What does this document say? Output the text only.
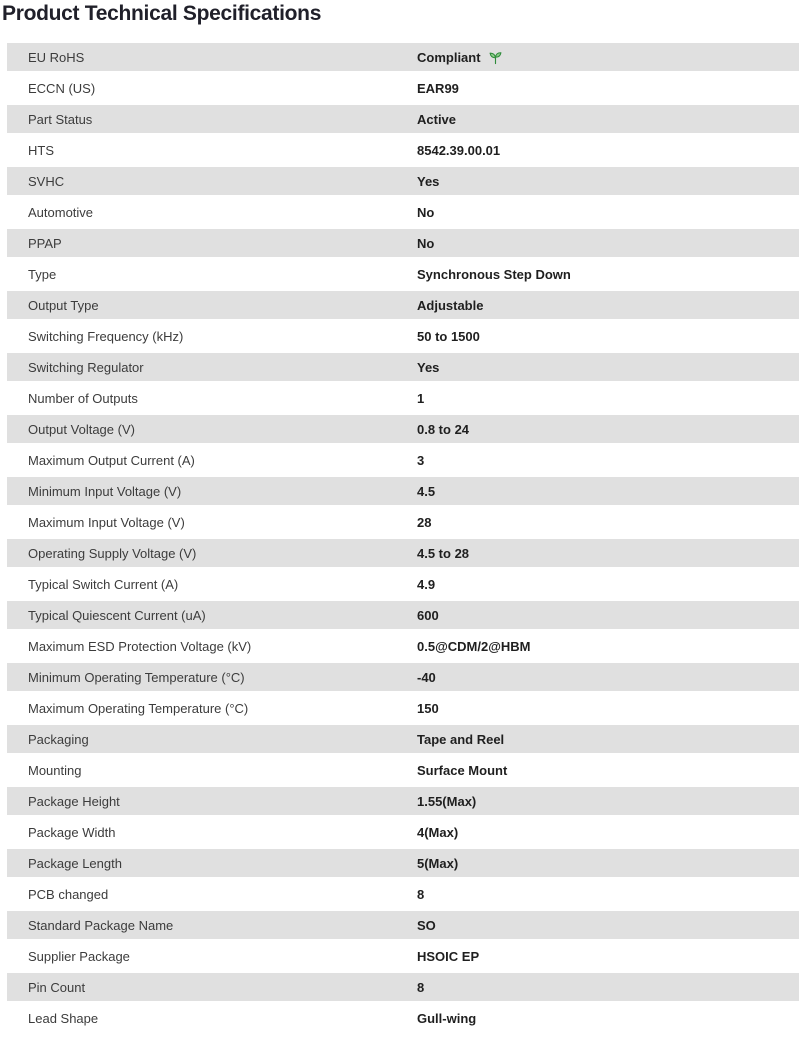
Product Technical Specifications
EU RoHS	Compliant
ECCN (US)	EAR99
Part Status	Active
HTS	8542.39.00.01
SVHC	Yes
Automotive	No
PPAP	No
Type	Synchronous Step Down
Output Type	Adjustable
Switching Frequency (kHz)	50 to 1500
Switching Regulator	Yes
Number of Outputs	1
Output Voltage (V)	0.8 to 24
Maximum Output Current (A)	3
Minimum Input Voltage (V)	4.5
Maximum Input Voltage (V)	28
Operating Supply Voltage (V)	4.5 to 28
Typical Switch Current (A)	4.9
Typical Quiescent Current (uA)	600
Maximum ESD Protection Voltage (kV)	0.5@CDM/2@HBM
Minimum Operating Temperature (°C)	-40
Maximum Operating Temperature (°C)	150
Packaging	Tape and Reel
Mounting	Surface Mount
Package Height	1.55(Max)
Package Width	4(Max)
Package Length	5(Max)
PCB changed	8
Standard Package Name	SO
Supplier Package	HSOIC EP
Pin Count	8
Lead Shape	Gull-wing
